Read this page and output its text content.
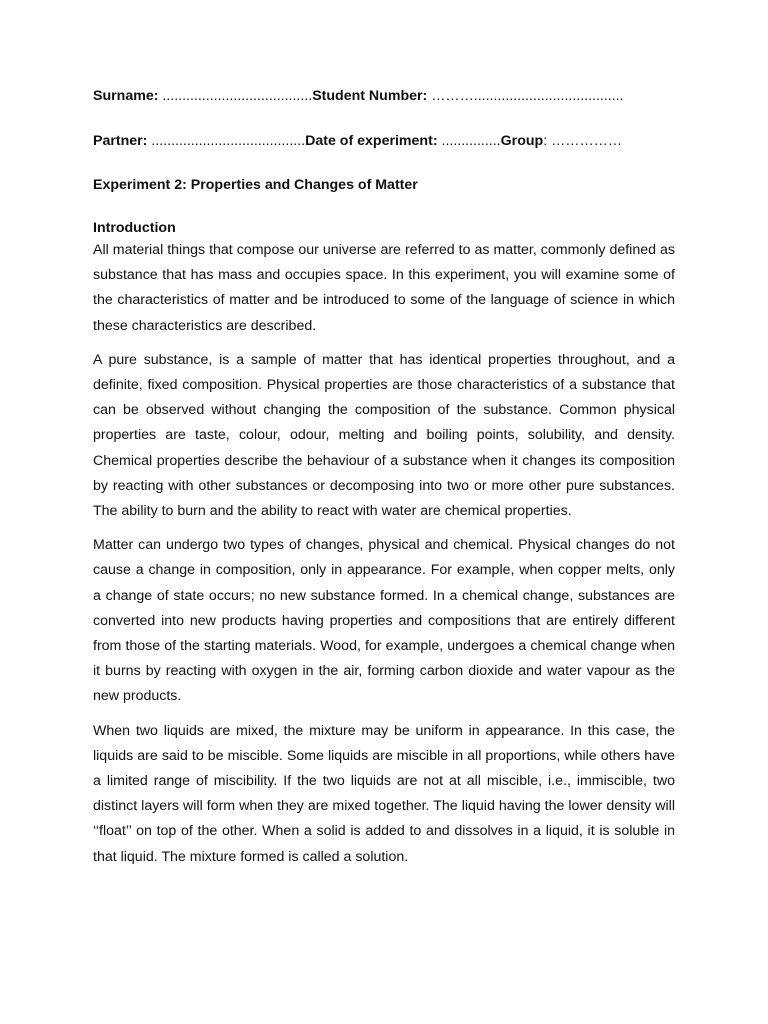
Surname: ......................................Student Number: ………......................................
Partner: .......................................Date of experiment: ...............Group: ……………
Experiment 2: Properties and Changes of Matter
Introduction

All material things that compose our universe are referred to as matter, commonly defined as substance that has mass and occupies space. In this experiment, you will examine some of the characteristics of matter and be introduced to some of the language of science in which these characteristics are described.

A pure substance, is a sample of matter that has identical properties throughout, and a definite, fixed composition. Physical properties are those characteristics of a substance that can be observed without changing the composition of the substance. Common physical properties are taste, colour, odour, melting and boiling points, solubility, and density. Chemical properties describe the behaviour of a substance when it changes its composition by reacting with other substances or decomposing into two or more other pure substances. The ability to burn and the ability to react with water are chemical properties.

Matter can undergo two types of changes, physical and chemical. Physical changes do not cause a change in composition, only in appearance. For example, when copper melts, only a change of state occurs; no new substance formed. In a chemical change, substances are converted into new products having properties and compositions that are entirely different from those of the starting materials. Wood, for example, undergoes a chemical change when it burns by reacting with oxygen in the air, forming carbon dioxide and water vapour as the new products.

When two liquids are mixed, the mixture may be uniform in appearance. In this case, the liquids are said to be miscible. Some liquids are miscible in all proportions, while others have a limited range of miscibility. If the two liquids are not at all miscible, i.e., immiscible, two distinct layers will form when they are mixed together. The liquid having the lower density will ‘‘float’’ on top of the other. When a solid is added to and dissolves in a liquid, it is soluble in that liquid. The mixture formed is called a solution.
